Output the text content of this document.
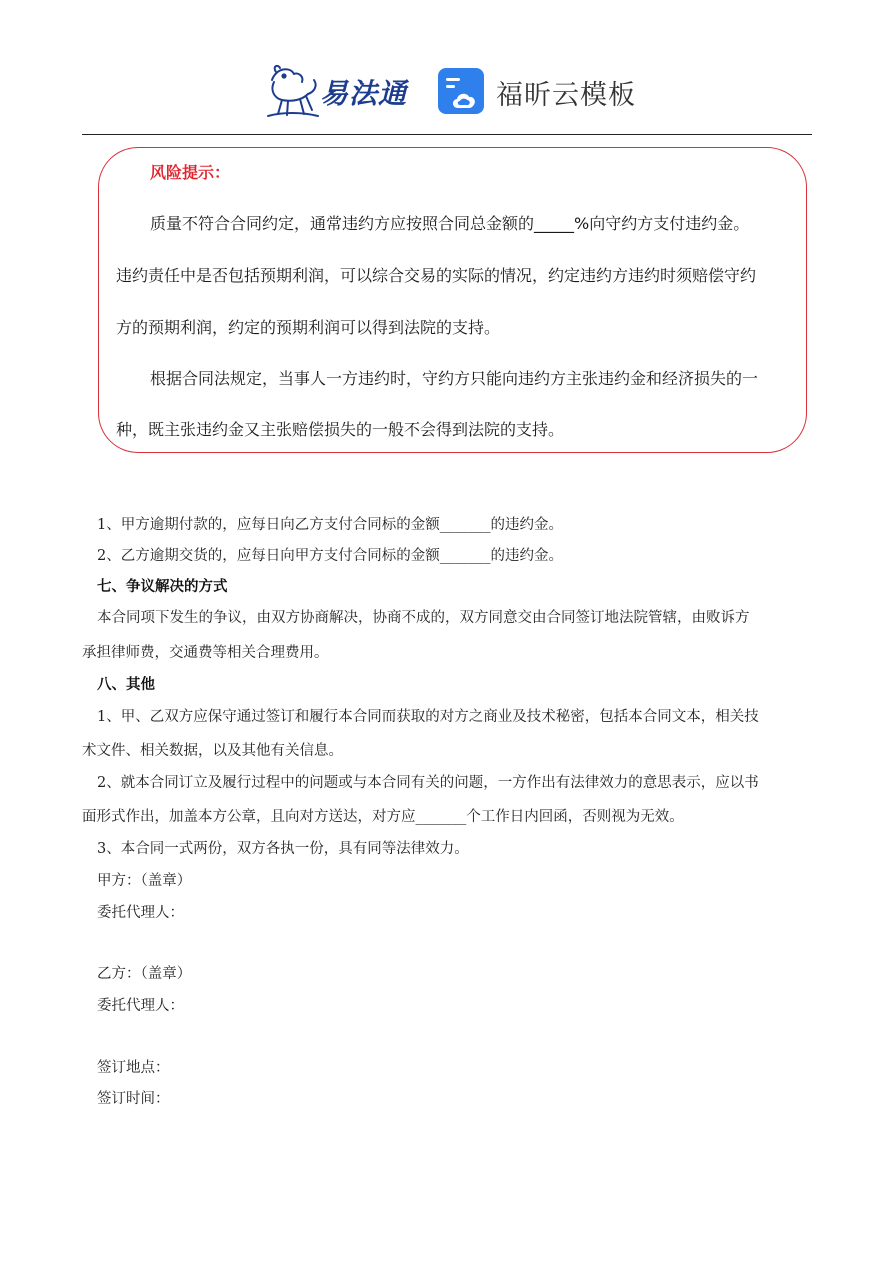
易法通	福昕云模板
风险提示：
质量不符合合同约定，通常违约方应按照合同总金额的_____%向守约方支付违约金。
违约责任中是否包括预期利润，可以综合交易的实际的情况，约定违约方违约时须赔偿守约
方的预期利润，约定的预期利润可以得到法院的支持。
根据合同法规定，当事人一方违约时，守约方只能向违约方主张违约金和经济损失的一
种，既主张违约金又主张赔偿损失的一般不会得到法院的支持。
1、甲方逾期付款的，应每日向乙方支付合同标的金额_______的违约金。
2、乙方逾期交货的，应每日向甲方支付合同标的金额_______的违约金。
七、争议解决的方式
本合同项下发生的争议，由双方协商解决，协商不成的，双方同意交由合同签订地法院管辖，由败诉方
承担律师费，交通费等相关合理费用。
八、其他
1、甲、乙双方应保守通过签订和履行本合同而获取的对方之商业及技术秘密，包括本合同文本，相关技
术文件、相关数据，以及其他有关信息。
2、就本合同订立及履行过程中的问题或与本合同有关的问题，一方作出有法律效力的意思表示，应以书
面形式作出，加盖本方公章，且向对方送达，对方应_______个工作日内回函，否则视为无效。
3、本合同一式两份，双方各执一份，具有同等法律效力。
甲方：（盖章）
委托代理人：
乙方：（盖章）
委托代理人：
签订地点：
签订时间：
